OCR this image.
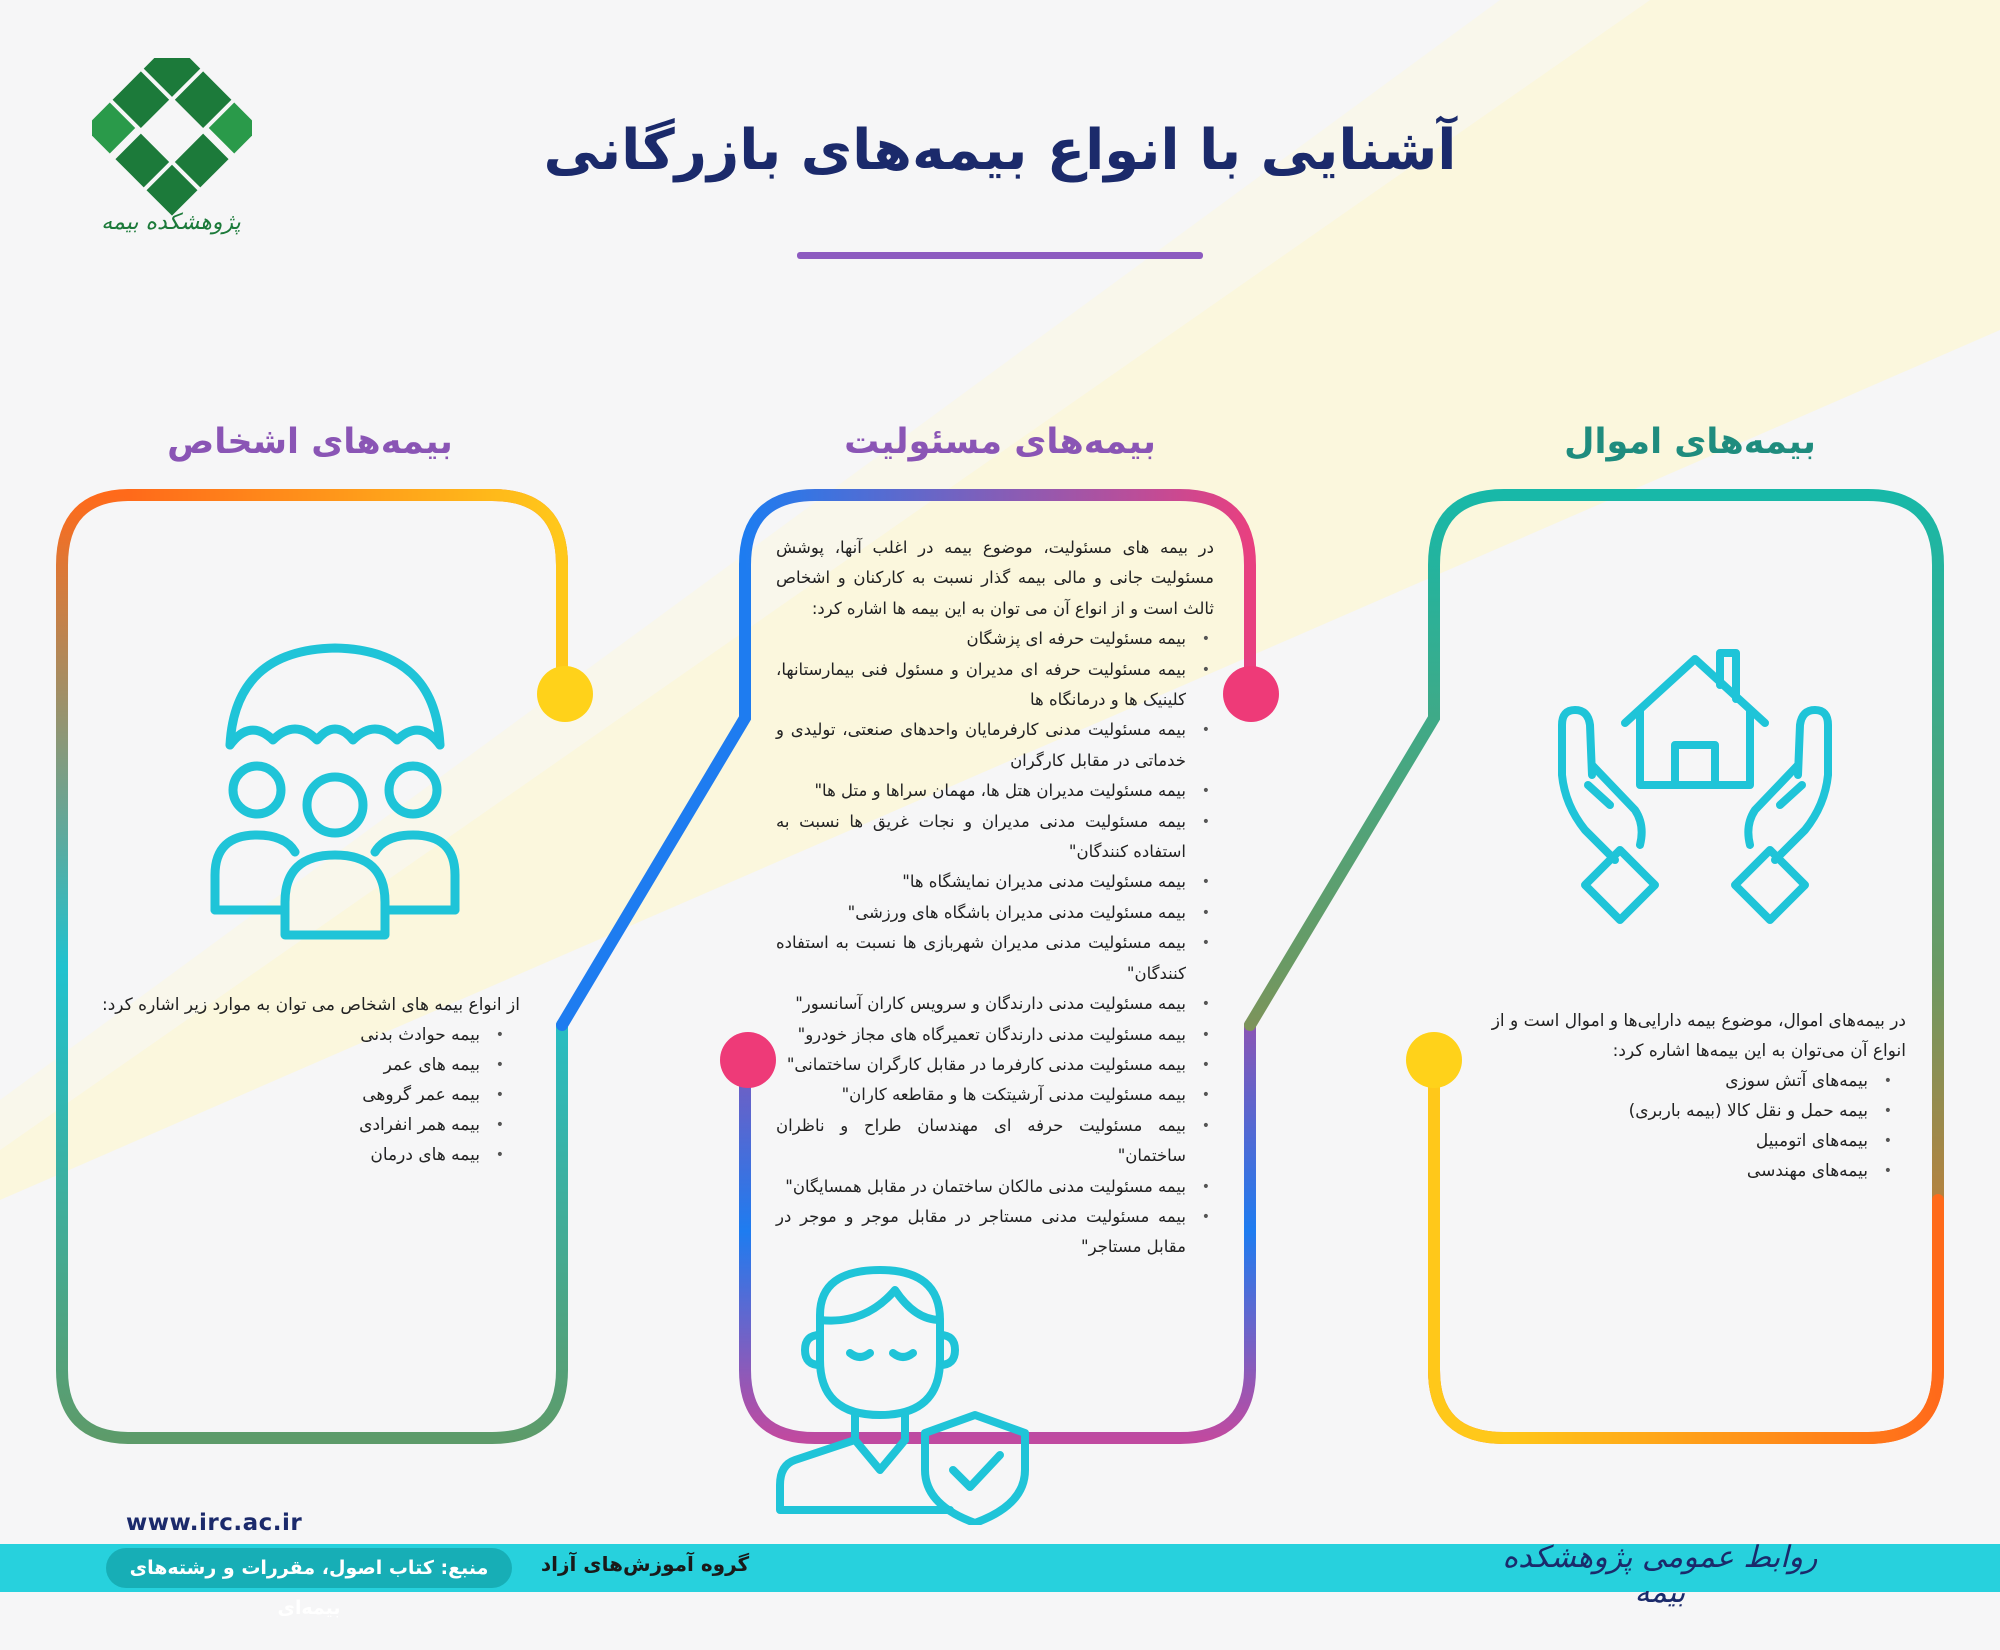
پژوهشکده بیمه
آشنایی با انواع بیمه‌های بازرگانی
بیمه‌های اشخاص	بیمه‌های مسئولیت	بیمه‌های اموال

از انواع بیمه های اشخاص می توان به موارد زیر اشاره کرد:

• بیمه حوادث بدنی
• بیمه های عمر
• بیمه عمر گروهی
• بیمه همر انفرادی
• بیمه های درمان

در بیمه های مسئولیت، موضوع بیمه در اغلب آنها، پوشش مسئولیت جانی و مالی بیمه گذار نسبت به کارکنان و اشخاص ثالث است و از انواع آن می توان به این بیمه ها اشاره کرد:

• بیمه مسئولیت حرفه ای پزشگان
• بیمه مسئولیت حرفه ای مدیران و مسئول فنی بیمارستانها، کلینیک ها و درمانگاه ها
• بیمه مسئولیت مدنی کارفرمایان واحدهای صنعتی، تولیدی و خدماتی در مقابل کارگران
• بیمه مسئولیت مدیران هتل ها، مهمان سراها و متل ها"
• بیمه مسئولیت مدنی مدیران و نجات غریق ها نسبت به استفاده کنندگان"
• بیمه مسئولیت مدنی مدیران نمایشگاه ها"
• بیمه مسئولیت مدنی مدیران باشگاه های ورزشی"
• بیمه مسئولیت مدنی مدیران شهربازی ها نسبت به استفاده کنندگان"
• بیمه مسئولیت مدنی دارندگان و سرویس کاران آسانسور"
• بیمه مسئولیت مدنی دارندگان تعمیرگاه های مجاز خودرو"
• بیمه مسئولیت مدنی کارفرما در مقابل کارگران ساختمانی"
• بیمه مسئولیت مدنی آرشیتکت ها و مقاطعه کاران"
• بیمه مسئولیت حرفه ای مهندسان طراح و ناظران ساختمان"
• بیمه مسئولیت مدنی مالکان ساختمان در مقابل همسایگان"
• بیمه مسئولیت مدنی مستاجر در مقابل موجر و موجر در مقابل مستاجر"

در بیمه‌های اموال، موضوع بیمه دارایی‌ها و اموال است و از انواع آن می‌توان به این بیمه‌ها اشاره کرد:

• بیمه‌های آتش سوزی
• بیمه حمل و نقل کالا (بیمه باربری)
• بیمه‌های اتومبیل
• بیمه‌های مهندسی
www.irc.ac.ir
منبع: کتاب اصول، مقررات و رشته‌های بیمه‌ای
گروه آموزش‌های آزاد	روابط عمومی پژوهشکده بیمه
